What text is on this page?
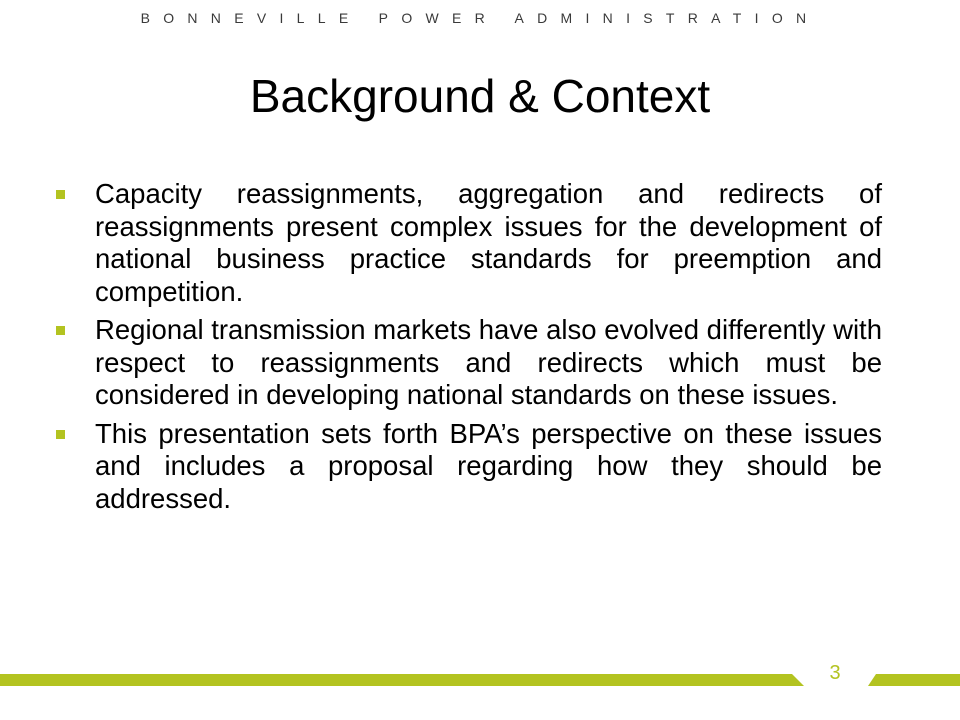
BONNEVILLE POWER ADMINISTRATION
Background & Context
Capacity reassignments, aggregation and redirects of reassignments present complex issues for the development of national business practice standards for preemption and competition.
Regional transmission markets have also evolved differently with respect to reassignments and redirects which must be considered in developing national standards on these issues.
This presentation sets forth BPA’s perspective on these issues and includes a proposal regarding how they should be addressed.
3
